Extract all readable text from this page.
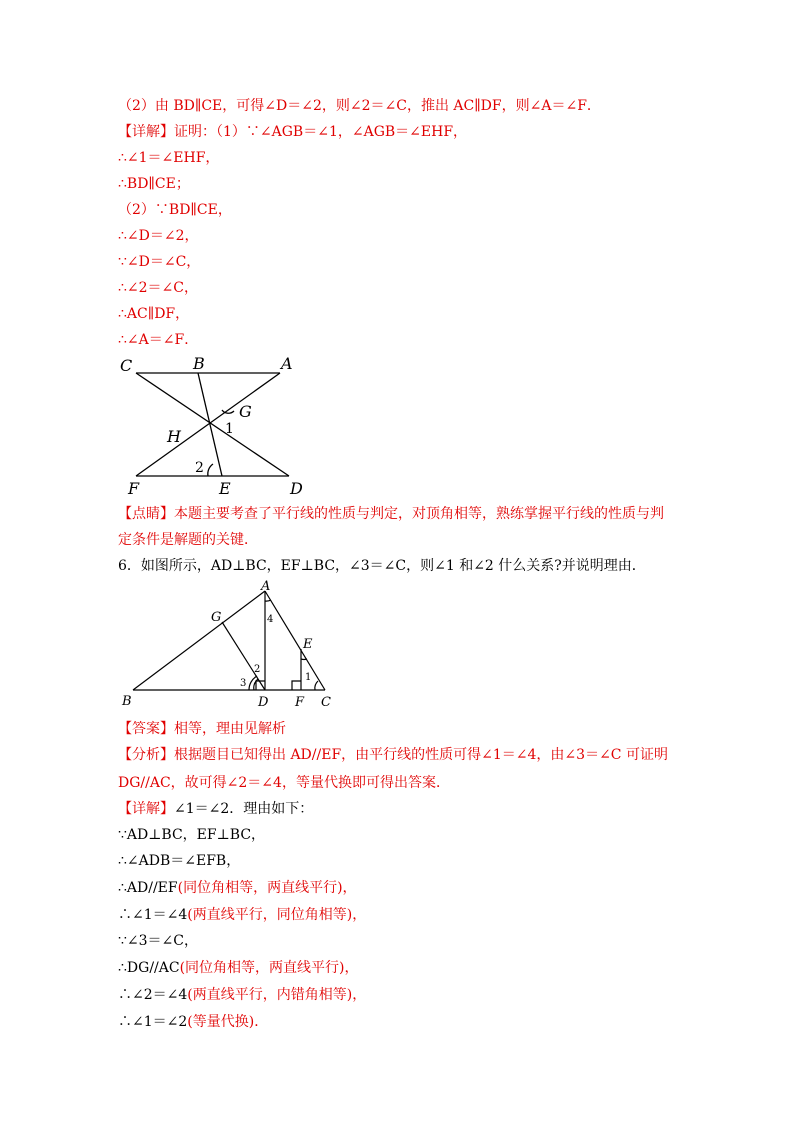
（2）由 BD∥CE，可得∠D＝∠2，则∠2＝∠C，推出 AC∥DF，则∠A＝∠F．
【详解】证明：（1）∵∠AGB＝∠1，∠AGB＝∠EHF，
∴∠1＝∠EHF，
∴BD∥CE；
（2）∵BD∥CE，
∴∠D＝∠2，
∵∠D＝∠C，
∴∠2＝∠C，
∴AC∥DF，
∴∠A＝∠F．
C	B	A
G
H
F	E	D
1
2
【点睛】本题主要考查了平行线的性质与判定，对顶角相等，熟练掌握平行线的性质与判
定条件是解题的关键．
6．如图所示，AD⊥BC，EF⊥BC，∠3＝∠C，则∠1 和∠2 什么关系?并说明理由．
A
G
E
B	D F C
4
2
3
1
【答案】相等，理由见解析
【分析】根据题目已知得出 AD//EF，由平行线的性质可得∠1＝∠4，由∠3＝∠C 可证明
DG//AC，故可得∠2＝∠4，等量代换即可得出答案．
【详解】∠1＝∠2．理由如下：
∵AD⊥BC，EF⊥BC，
∴∠ADB＝∠EFB，
∴AD//EF(同位角相等，两直线平行)，
∴∠1＝∠4(两直线平行，同位角相等)，
∵∠3＝∠C，
∴DG//AC(同位角相等，两直线平行)，
∴∠2＝∠4(两直线平行，内错角相等)，
∴∠1＝∠2(等量代换)．
